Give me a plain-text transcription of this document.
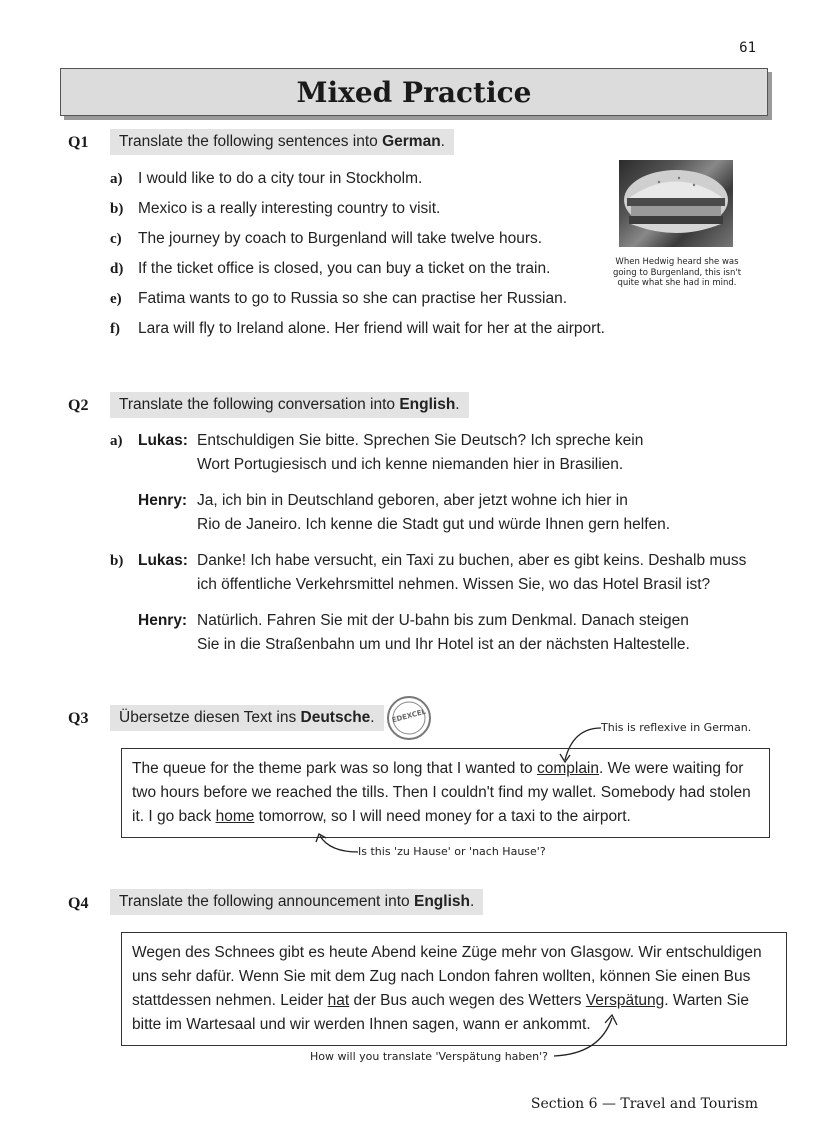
61
Mixed Practice
Q1	Translate the following sentences into German.
a) I would like to do a city tour in Stockholm.
b) Mexico is a really interesting country to visit.
c) The journey by coach to Burgenland will take twelve hours.
d) If the ticket office is closed, you can buy a ticket on the train.
e) Fatima wants to go to Russia so she can practise her Russian.
f) Lara will fly to Ireland alone. Her friend will wait for her at the airport.
When Hedwig heard she was going to Burgenland, this isn't quite what she had in mind.
Q2	Translate the following conversation into English.
a) Lukas: Entschuldigen Sie bitte. Sprechen Sie Deutsch? Ich spreche kein
Wort Portugiesisch und ich kenne niemanden hier in Brasilien.
Henry: Ja, ich bin in Deutschland geboren, aber jetzt wohne ich hier in
Rio de Janeiro. Ich kenne die Stadt gut und würde Ihnen gern helfen.
b) Lukas: Danke! Ich habe versucht, ein Taxi zu buchen, aber es gibt keins. Deshalb muss
ich öffentliche Verkehrsmittel nehmen. Wissen Sie, wo das Hotel Brasil ist?
Henry: Natürlich. Fahren Sie mit der U-bahn bis zum Denkmal. Danach steigen
Sie in die Straßenbahn um und Ihr Hotel ist an der nächsten Haltestelle.
Q3	Übersetze diesen Text ins Deutsche.	EDEXCEL
This is reflexive in German.
The queue for the theme park was so long that I wanted to complain. We were waiting for two hours before we reached the tills. Then I couldn't find my wallet. Somebody had stolen it. I go back home tomorrow, so I will need money for a taxi to the airport.
Is this 'zu Hause' or 'nach Hause'?
Q4	Translate the following announcement into English.
Wegen des Schnees gibt es heute Abend keine Züge mehr von Glasgow. Wir entschuldigen uns sehr dafür. Wenn Sie mit dem Zug nach London fahren wollten, können Sie einen Bus stattdessen nehmen. Leider hat der Bus auch wegen des Wetters Verspätung. Warten Sie bitte im Wartesaal und wir werden Ihnen sagen, wann er ankommt.
How will you translate 'Verspätung haben'?
Section 6 — Travel and Tourism
